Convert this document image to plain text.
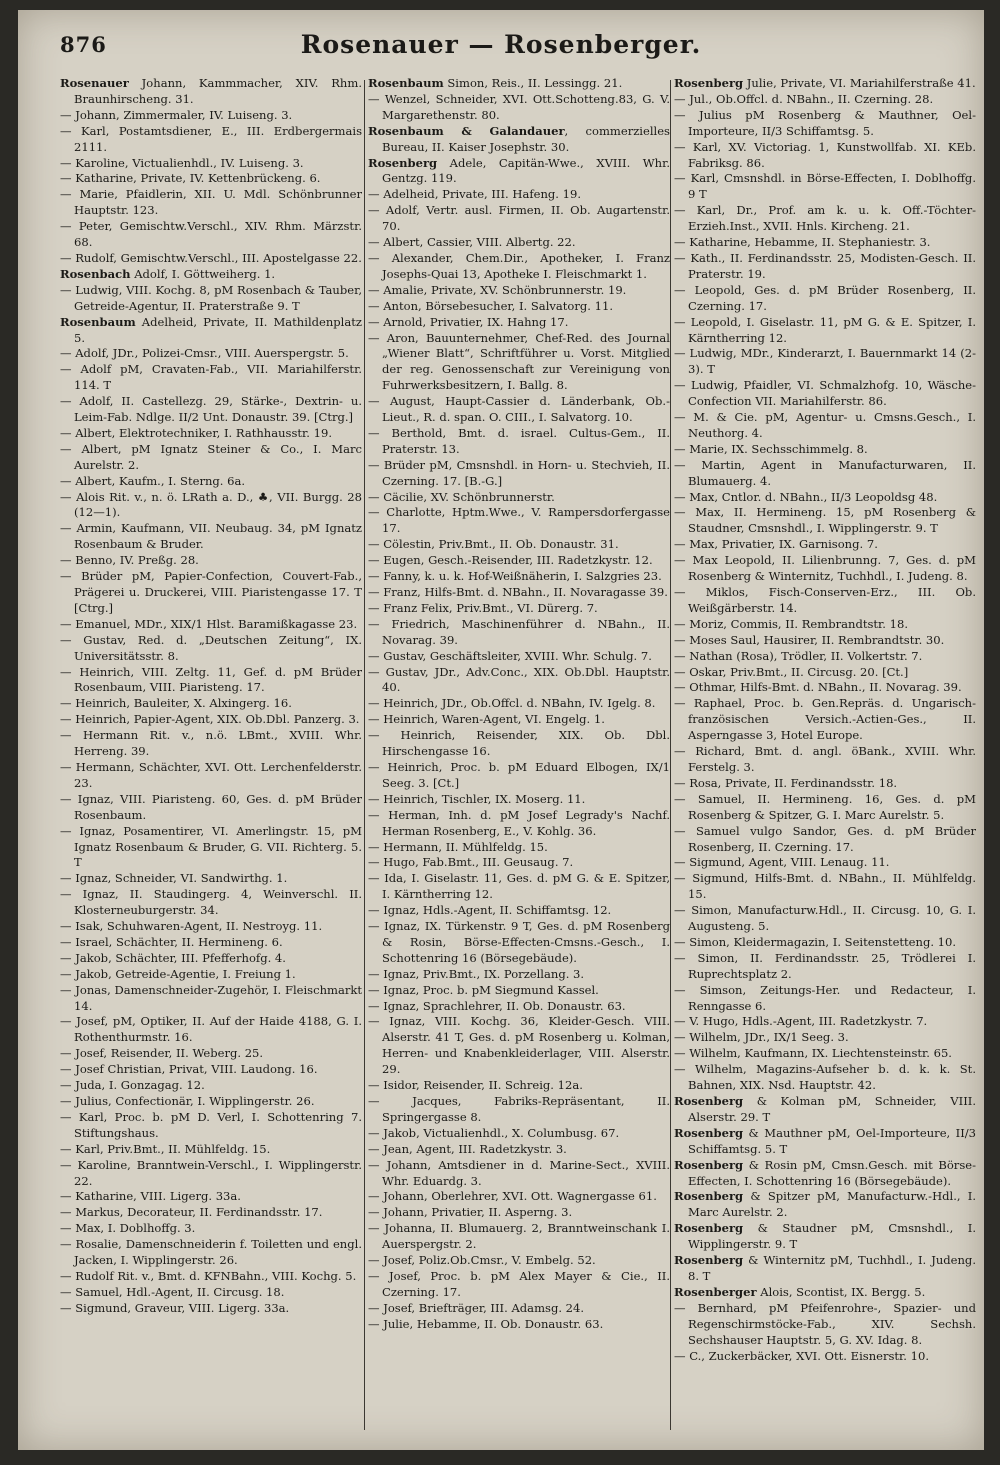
876	Rosenauer — Rosenberger.

Rosenauer Johann, Kammmacher, XIV. Rhm. Braunhirscheng. 31.

— Johann, Zimmermaler, IV. Luiseng. 3.

— Karl, Postamtsdiener, E., III. Erdbergermais 2111.

— Karoline, Victualienhdl., IV. Luiseng. 3.

— Katharine, Private, IV. Kettenbrückeng. 6.

— Marie, Pfaidlerin, XII. U. Mdl. Schönbrunner Hauptstr. 123.

— Peter, Gemischtw.Verschl., XIV. Rhm. Märzstr. 68.

— Rudolf, Gemischtw.Verschl., III. Apostelgasse 22.

Rosenbach Adolf, I. Göttweiherg. 1.

— Ludwig, VIII. Kochg. 8, pM Rosenbach & Tauber, Getreide-Agentur, II. Praterstraße 9. T

Rosenbaum Adelheid, Private, II. Mathildenplatz 5.

— Adolf, JDr., Polizei-Cmsr., VIII. Auerspergstr. 5.

— Adolf pM, Cravaten-Fab., VII. Mariahilferstr. 114. T

— Adolf, II. Castellezg. 29, Stärke-, Dextrin- u. Leim-Fab. Ndlge. II/2 Unt. Donaustr. 39. [Ctrg.]

— Albert, Elektrotechniker, I. Rathhausstr. 19.

— Albert, pM Ignatz Steiner & Co., I. Marc Aurelstr. 2.

— Albert, Kaufm., I. Sterng. 6a.

— Alois Rit. v., n. ö. LRath a. D., ♣, VII. Burgg. 28 (12—1).

— Armin, Kaufmann, VII. Neubaug. 34, pM Ignatz Rosenbaum & Bruder.

— Benno, IV. Preßg. 28.

— Brüder pM, Papier-Confection, Couvert-Fab., Prägerei u. Druckerei, VIII. Piaristengasse 17. T [Ctrg.]

— Emanuel, MDr., XIX/1 Hlst. Baramißkagasse 23.

— Gustav, Red. d. „Deutschen Zeitung“, IX. Universitätsstr. 8.

— Heinrich, VIII. Zeltg. 11, Gef. d. pM Brüder Rosenbaum, VIII. Piaristeng. 17.

— Heinrich, Bauleiter, X. Alxingerg. 16.

— Heinrich, Papier-Agent, XIX. Ob.Dbl. Panzerg. 3.

— Hermann Rit. v., n.ö. LBmt., XVIII. Whr. Herreng. 39.

— Hermann, Schächter, XVI. Ott. Lerchenfelderstr. 23.

— Ignaz, VIII. Piaristeng. 60, Ges. d. pM Brüder Rosenbaum.

— Ignaz, Posamentirer, VI. Amerlingstr. 15, pM Ignatz Rosenbaum & Bruder, G. VII. Richterg. 5. T

— Ignaz, Schneider, VI. Sandwirthg. 1.

— Ignaz, II. Staudingerg. 4, Weinverschl. II. Klosterneuburgerstr. 34.

— Isak, Schuhwaren-Agent, II. Nestroyg. 11.

— Israel, Schächter, II. Hermineng. 6.

— Jakob, Schächter, III. Pfefferhofg. 4.

— Jakob, Getreide-Agentie, I. Freiung 1.

— Jonas, Damenschneider-Zugehör, I. Fleischmarkt 14.

— Josef, pM, Optiker, II. Auf der Haide 4188, G. I. Rothenthurmstr. 16.

— Josef, Reisender, II. Weberg. 25.

— Josef Christian, Privat, VIII. Laudong. 16.

— Juda, I. Gonzagag. 12.

— Julius, Confectionär, I. Wipplingerstr. 26.

— Karl, Proc. b. pM D. Verl, I. Schottenring 7. Stiftungshaus.

— Karl, Priv.Bmt., II. Mühlfeldg. 15.

— Karoline, Branntwein-Verschl., I. Wipplingerstr. 22.

— Katharine, VIII. Ligerg. 33a.

— Markus, Decorateur, II. Ferdinandsstr. 17.

— Max, I. Doblhoffg. 3.

— Rosalie, Damenschneiderin f. Toiletten und engl. Jacken, I. Wipplingerstr. 26.

— Rudolf Rit. v., Bmt. d. KFNBahn., VIII. Kochg. 5.

— Samuel, Hdl.-Agent, II. Circusg. 18.

— Sigmund, Graveur, VIII. Ligerg. 33a.

Rosenbaum Simon, Reis., II. Lessingg. 21.

— Wenzel, Schneider, XVI. Ott.Schotteng.83, G. V. Margarethenstr. 80.

Rosenbaum & Galandauer, commerzielles Bureau, II. Kaiser Josephstr. 30.

Rosenberg Adele, Capitän-Wwe., XVIII. Whr. Gentzg. 119.

— Adelheid, Private, III. Hafeng. 19.

— Adolf, Vertr. ausl. Firmen, II. Ob. Augartenstr. 70.

— Albert, Cassier, VIII. Albertg. 22.

— Alexander, Chem.Dir., Apotheker, I. Franz Josephs-Quai 13, Apotheke I. Fleischmarkt 1.

— Amalie, Private, XV. Schönbrunnerstr. 19.

— Anton, Börsebesucher, I. Salvatorg. 11.

— Arnold, Privatier, IX. Hahng 17.

— Aron, Bauunternehmer, Chef-Red. des Journal „Wiener Blatt“, Schriftführer u. Vorst. Mitglied der reg. Genossenschaft zur Vereinigung von Fuhrwerksbesitzern, I. Ballg. 8.

— August, Haupt-Cassier d. Länderbank, Ob.-Lieut., R. d. span. O. CIII., I. Salvatorg. 10.

— Berthold, Bmt. d. israel. Cultus-Gem., II. Praterstr. 13.

— Brüder pM, Cmsnshdl. in Horn- u. Stechvieh, II. Czerning. 17. [B.-G.]

— Cäcilie, XV. Schönbrunnerstr.

— Charlotte, Hptm.Wwe., V. Rampersdorfergasse 17.

— Cölestin, Priv.Bmt., II. Ob. Donaustr. 31.

— Eugen, Gesch.-Reisender, III. Radetzkystr. 12.

— Fanny, k. u. k. Hof-Weißnäherin, I. Salzgries 23.

— Franz, Hilfs-Bmt. d. NBahn., II. Novaragasse 39.

— Franz Felix, Priv.Bmt., VI. Dürerg. 7.

— Friedrich, Maschinenführer d. NBahn., II. Novarag. 39.

— Gustav, Geschäftsleiter, XVIII. Whr. Schulg. 7.

— Gustav, JDr., Adv.Conc., XIX. Ob.Dbl. Hauptstr. 40.

— Heinrich, JDr., Ob.Offcl. d. NBahn, IV. Igelg. 8.

— Heinrich, Waren-Agent, VI. Engelg. 1.

— Heinrich, Reisender, XIX. Ob. Dbl. Hirschengasse 16.

— Heinrich, Proc. b. pM Eduard Elbogen, IX/1 Seeg. 3. [Ct.]

— Heinrich, Tischler, IX. Moserg. 11.

— Herman, Inh. d. pM Josef Legrady's Nachf. Herman Rosenberg, E., V. Kohlg. 36.

— Hermann, II. Mühlfeldg. 15.

— Hugo, Fab.Bmt., III. Geusaug. 7.

— Ida, I. Giselastr. 11, Ges. d. pM G. & E. Spitzer, I. Kärntherring 12.

— Ignaz, Hdls.-Agent, II. Schiffamtsg. 12.

— Ignaz, IX. Türkenstr. 9 T, Ges. d. pM Rosenberg & Rosin, Börse-Effecten-Cmsns.-Gesch., I. Schottenring 16 (Börsegebäude).

— Ignaz, Priv.Bmt., IX. Porzellang. 3.

— Ignaz, Proc. b. pM Siegmund Kassel.

— Ignaz, Sprachlehrer, II. Ob. Donaustr. 63.

— Ignaz, VIII. Kochg. 36, Kleider-Gesch. VIII. Alserstr. 41 T, Ges. d. pM Rosenberg u. Kolman, Herren- und Knabenkleiderlager, VIII. Alserstr. 29.

— Isidor, Reisender, II. Schreig. 12a.

— Jacques, Fabriks-Repräsentant, II. Springergasse 8.

— Jakob, Victualienhdl., X. Columbusg. 67.

— Jean, Agent, III. Radetzkystr. 3.

— Johann, Amtsdiener in d. Marine-Sect., XVIII. Whr. Eduardg. 3.

— Johann, Oberlehrer, XVI. Ott. Wagnergasse 61.

— Johann, Privatier, II. Asperng. 3.

— Johanna, II. Blumauerg. 2, Branntweinschank I. Auerspergstr. 2.

— Josef, Poliz.Ob.Cmsr., V. Embelg. 52.

— Josef, Proc. b. pM Alex Mayer & Cie., II. Czerning. 17.

— Josef, Briefträger, III. Adamsg. 24.

— Julie, Hebamme, II. Ob. Donaustr. 63.

Rosenberg Julie, Private, VI. Mariahilferstraße 41.

— Jul., Ob.Offcl. d. NBahn., II. Czerning. 28.

— Julius pM Rosenberg & Mauthner, Oel-Importeure, II/3 Schiffamtsg. 5.

— Karl, XV. Victoriag. 1, Kunstwollfab. XI. KEb. Fabriksg. 86.

— Karl, Cmsnshdl. in Börse-Effecten, I. Doblhoffg. 9 T

— Karl, Dr., Prof. am k. u. k. Off.-Töchter-Erzieh.Inst., XVII. Hnls. Kircheng. 21.

— Katharine, Hebamme, II. Stephaniestr. 3.

— Kath., II. Ferdinandsstr. 25, Modisten-Gesch. II. Praterstr. 19.

— Leopold, Ges. d. pM Brüder Rosenberg, II. Czerning. 17.

— Leopold, I. Giselastr. 11, pM G. & E. Spitzer, I. Kärntherring 12.

— Ludwig, MDr., Kinderarzt, I. Bauernmarkt 14 (2-3). T

— Ludwig, Pfaidler, VI. Schmalzhofg. 10, Wäsche-Confection VII. Mariahilferstr. 86.

— M. & Cie. pM, Agentur- u. Cmsns.Gesch., I. Neuthorg. 4.

— Marie, IX. Sechsschimmelg. 8.

— Martin, Agent in Manufacturwaren, II. Blumauerg. 4.

— Max, Cntlor. d. NBahn., II/3 Leopoldsg 48.

— Max, II. Hermineng. 15, pM Rosenberg & Staudner, Cmsnshdl., I. Wipplingerstr. 9. T

— Max, Privatier, IX. Garnisong. 7.

— Max Leopold, II. Lilienbrunng. 7, Ges. d. pM Rosenberg & Winternitz, Tuchhdl., I. Judeng. 8.

— Miklos, Fisch-Conserven-Erz., III. Ob. Weißgärberstr. 14.

— Moriz, Commis, II. Rembrandtstr. 18.

— Moses Saul, Hausirer, II. Rembrandtstr. 30.

— Nathan (Rosa), Trödler, II. Volkertstr. 7.

— Oskar, Priv.Bmt., II. Circusg. 20. [Ct.]

— Othmar, Hilfs-Bmt. d. NBahn., II. Novarag. 39.

— Raphael, Proc. b. Gen.Repräs. d. Ungarisch-französischen Versich.-Actien-Ges., II. Asperngasse 3, Hotel Europe.

— Richard, Bmt. d. angl. öBank., XVIII. Whr. Ferstelg. 3.

— Rosa, Private, II. Ferdinandsstr. 18.

— Samuel, II. Hermineng. 16, Ges. d. pM Rosenberg & Spitzer, G. I. Marc Aurelstr. 5.

— Samuel vulgo Sandor, Ges. d. pM Brüder Rosenberg, II. Czerning. 17.

— Sigmund, Agent, VIII. Lenaug. 11.

— Sigmund, Hilfs-Bmt. d. NBahn., II. Mühlfeldg. 15.

— Simon, Manufacturw.Hdl., II. Circusg. 10, G. I. Augusteng. 5.

— Simon, Kleidermagazin, I. Seitenstetteng. 10.

— Simon, II. Ferdinandsstr. 25, Trödlerei I. Ruprechtsplatz 2.

— Simson, Zeitungs-Her. und Redacteur, I. Renngasse 6.

— V. Hugo, Hdls.-Agent, III. Radetzkystr. 7.

— Wilhelm, JDr., IX/1 Seeg. 3.

— Wilhelm, Kaufmann, IX. Liechtensteinstr. 65.

— Wilhelm, Magazins-Aufseher b. d. k. k. St. Bahnen, XIX. Nsd. Hauptstr. 42.

Rosenberg & Kolman pM, Schneider, VIII. Alserstr. 29. T

Rosenberg & Mauthner pM, Oel-Importeure, II/3 Schiffamtsg. 5. T

Rosenberg & Rosin pM, Cmsn.Gesch. mit Börse-Effecten, I. Schottenring 16 (Börsegebäude).

Rosenberg & Spitzer pM, Manufacturw.-Hdl., I. Marc Aurelstr. 2.

Rosenberg & Staudner pM, Cmsnshdl., I. Wipplingerstr. 9. T

Rosenberg & Winternitz pM, Tuchhdl., I. Judeng. 8. T

Rosenberger Alois, Scontist, IX. Bergg. 5.

— Bernhard, pM Pfeifenrohre-, Spazier- und Regenschirmstöcke-Fab., XIV. Sechsh. Sechshauser Hauptstr. 5, G. XV. Idag. 8.

— C., Zuckerbäcker, XVI. Ott. Eisnerstr. 10.
